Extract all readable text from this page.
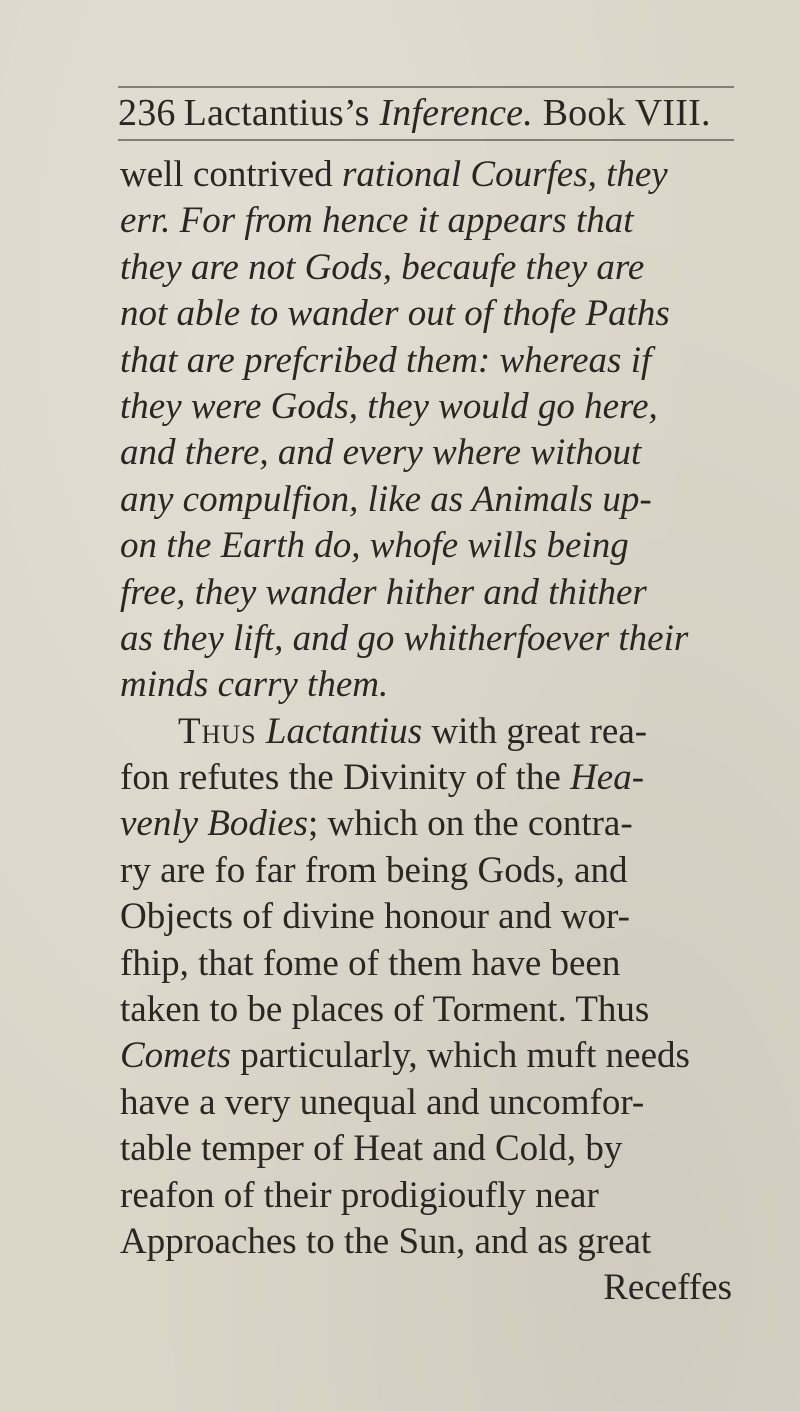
236 Lactantius’s Inference. Book VIII.
well contrived rational Courfes, they
err. For from hence it appears that
they are not Gods, becaufe they are
not able to wander out of thofe Paths
that are prefcribed them: whereas if
they were Gods, they would go here,
and there, and every where without
any compulfion, like as Animals up-
on the Earth do, whofe wills being
free, they wander hither and thither
as they lift, and go whitherfoever their
minds carry them.
Thus Lactantius with great rea-
fon refutes the Divinity of the Hea-
venly Bodies; which on the contra-
ry are fo far from being Gods, and
Objects of divine honour and wor-
fhip, that fome of them have been
taken to be places of Torment. Thus
Comets particularly, which muft needs
have a very unequal and uncomfor-
table temper of Heat and Cold, by
reafon of their prodigioufly near
Approaches to the Sun, and as great
Receffes
